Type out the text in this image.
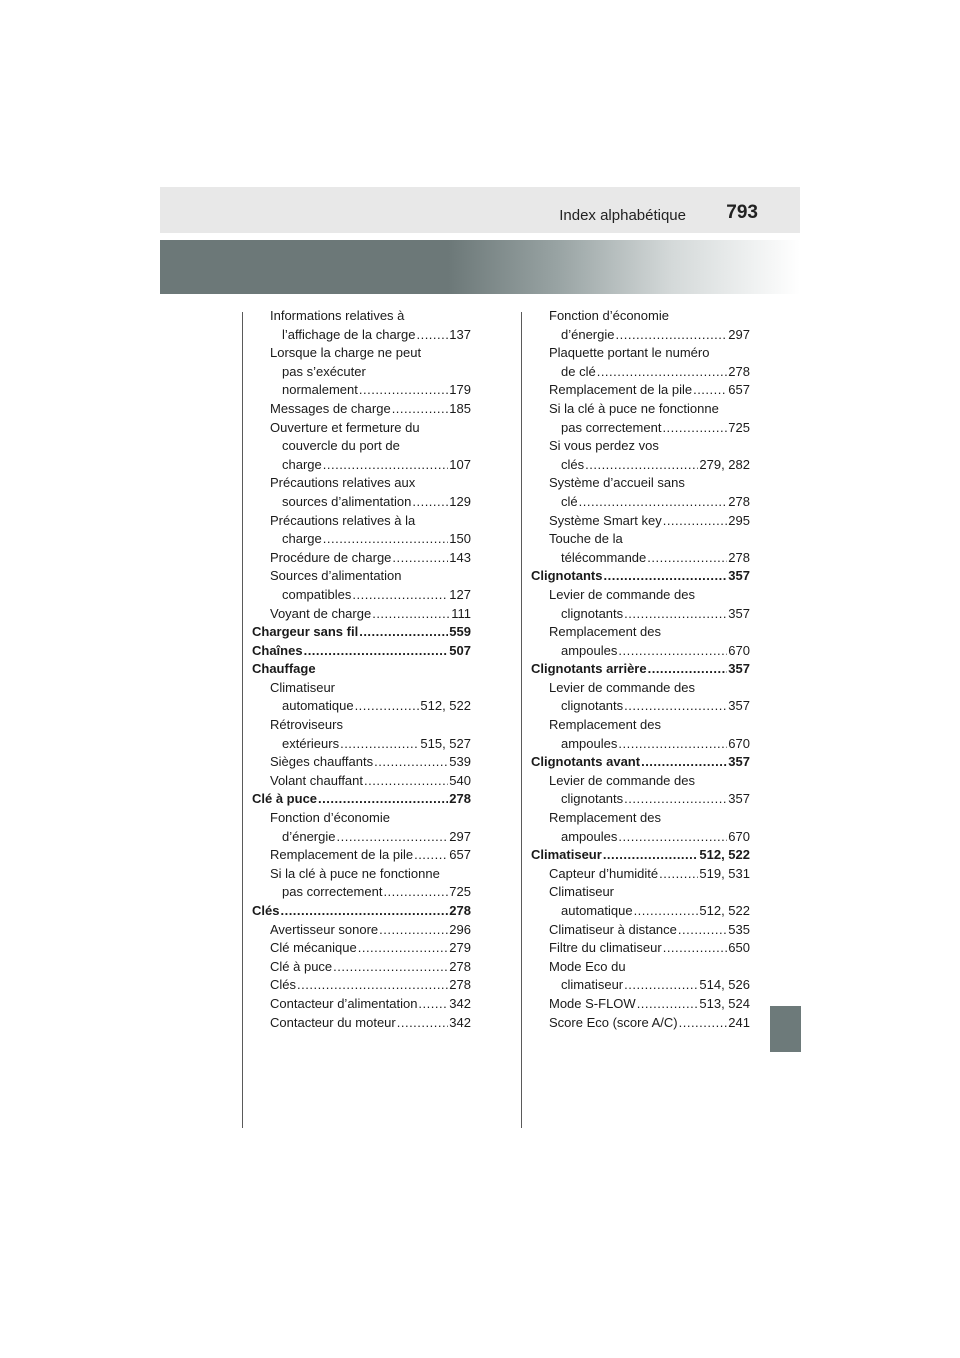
Index alphabétique 793
Informations relatives à
l’affichage de la charge .....	137
Lorsque la charge ne peut
pas s’exécuter
normalement .....	179
Messages de charge .....	185
Ouverture et fermeture du
couvercle du port de
charge .....	107
Précautions relatives aux
sources d’alimentation .....	129
Précautions relatives à la
charge .....	150
Procédure de charge .....	143
Sources d’alimentation
compatibles .....	127
Voyant de charge .....	111
Chargeur sans fil .....	559
Chaînes .....	507
Chauffage
Climatiseur
automatique .....	512, 522
Rétroviseurs
extérieurs .....	515, 527
Sièges chauffants .....	539
Volant chauffant .....	540
Clé à puce .....	278
Fonction d’économie
d’énergie .....	297
Remplacement de la pile .....	657
Si la clé à puce ne fonctionne
pas correctement .....	725
Clés .....	278
Avertisseur sonore .....	296
Clé mécanique .....	279
Clé à puce .....	278
Clés .....	278
Contacteur d’alimentation ..... 342
Contacteur du moteur .....	342
Fonction d’économie
d’énergie .....	297
Plaquette portant le numéro
de clé .....	278
Remplacement de la pile .....	657
Si la clé à puce ne fonctionne
pas correctement .....	725
Si vous perdez vos
clés .....	279, 282
Système d’accueil sans
clé .....	278
Système Smart key .....	295
Touche de la
télécommande .....	278
Clignotants .....	357
Levier de commande des
clignotants .....	357
Remplacement des
ampoules .....	670
Clignotants arrière .....	357
Levier de commande des
clignotants .....	357
Remplacement des
ampoules .....	670
Clignotants avant .....	357
Levier de commande des
clignotants .....	357
Remplacement des
ampoules .....	670
Climatiseur .....	512, 522
Capteur d’humidité .....	519, 531
Climatiseur
automatique .....	512, 522
Climatiseur à distance .....	535
Filtre du climatiseur .....	650
Mode Eco du
climatiseur .....	514, 526
Mode S-FLOW .....	513, 524
Score Eco (score A/C) .....	241
